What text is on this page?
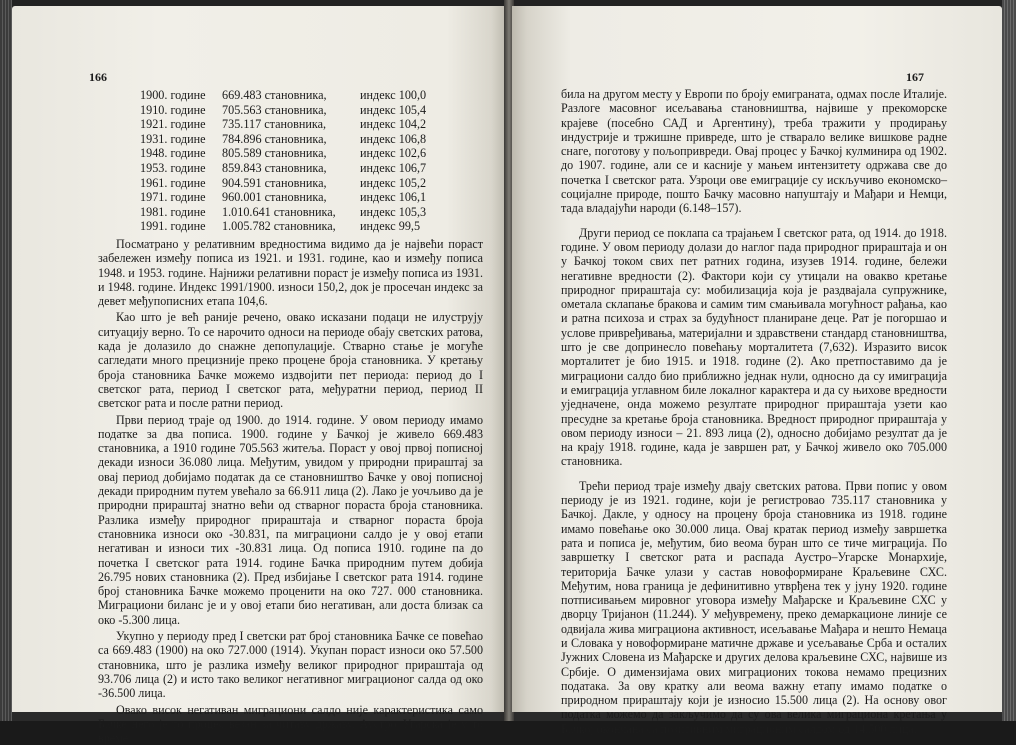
166
1900. године	669.483 становника,	индекс 100,0
1910. године	705.563 становника,	индекс 105,4
1921. године	735.117 становника,	индекс 104,2
1931. године	784.896 становника,	индекс 106,8
1948. године	805.589 становника,	индекс 102,6
1953. године	859.843 становника,	индекс 106,7
1961. године	904.591 становника,	индекс 105,2
1971. године	960.001 становника,	индекс 106,1
1981. године	1.010.641 становника,	индекс 105,3
1991. године	1.005.782 становника,	индекс 99,5

Посматрано у релативним вредностима видимо да је највећи пораст забележен између пописа из 1921. и 1931. године, као и између пописа 1948. и 1953. године. Најнижи релативни пораст је између пописа из 1931. и 1948. године. Индекс 1991/1900. износи 150,2, док је просечан индекс за девет међупописних етапа 104,6.

Као што је већ раније речено, овако исказани подаци не илуструју ситуацију верно. То се нарочито односи на периоде обају светских ратова, када је долазило до снажне депопулације. Стварно стање је могуће сагледати много прецизније преко процене броја становника. У кретању броја становника Бачке можемо издвојити пет периода: период до I светског рата, период I светског рата, међуратни период, период II светског рата и после ратни период.

Први период траје од 1900. до 1914. године. У овом периоду имамо податке за два пописа. 1900. године у Бачкој је живело 669.483 становника, а 1910 године 705.563 житеља. Пораст у овој првој пописној декади износи 36.080 лица. Међутим, увидом у природни прираштај за овај период добијамо податак да се становништво Бачке у овој пописној декади природним путем увећало за 66.911 лица (2). Лако је уочљиво да је природни прираштај знатно већи од стварног пораста броја становника. Разлика између природног прираштаја и стварног пораста броја становника износи око -30.831, па миграциони салдо је у овој етапи негативан и износи тих -30.831 лица. Од пописа 1910. године па до почетка I светског рата 1914. године Бачка природним путем добија 26.795 нових становника (2). Пред избијање I светског рата 1914. године број становника Бачке можемо проценити на око 727. 000 становника. Миграциони биланс је и у овој етапи био негативан, али доста близак са око -5.300 лица.

Укупно у периоду пред I светски рат број становника Бачке се повећао са 669.483 (1900) на око 727.000 (1914). Укупан пораст износи око 57.500 становника, што је разлика између великог природног прираштаја од 93.706 лица (2) и исто тако великог негативног миграционог салда од око -36.500 лица.

Овако висок негативан миграциони салдо није карактеристика само Бачке него је то процес везан за читаву државу. Аустро–Угарска је у то време

167

била на другом месту у Европи по броју емиграната, одмах после Италије. Разлоге масовног исељавања становништва, највише у прекоморске крајеве (посебно САД и Аргентину), треба тражити у продирању индустрије и тржишне привреде, што је стварало велике вишкове радне снаге, поготову у пољопривреди. Овај процес у Бачкој кулминира од 1902. до 1907. године, али се и касније у мањем интензитету одржава све до почетка I светског рата. Узроци ове емиграције су искључиво економско–социјалне природе, пошто Бачку масовно напуштају и Мађари и Немци, тада владајући народи (6.148–157).

Други период се поклапа са трајањем I светског рата, од 1914. до 1918. године. У овом периоду долази до наглог пада природног прираштаја и он у Бачкој током свих пет ратних година, изузев 1914. године, бележи негативне вредности (2). Фактори који су утицали на овакво кретање природног прираштаја су: мобилизација која је раздвајала супружнике, ометала склапање бракова и самим тим смањивала могућност рађања, као и ратна психоза и страх за будућност планиранe деце. Рат је погоршао и услове привређивања, материјални и здравствени стандард становништва, што је све допринесло повећању морталитета (7,632). Изразито висок морталитет је био 1915. и 1918. године (2). Ако претпоставимо да је миграциони салдо био приближно једнак нули, односно да су имиграција и емиграција углавном биле локалног карактера и да су њихове вредности уједначене, онда можемо резултате природног прираштаја узети као пресудне за кретање броја становника. Вредност природног прираштаја у овом периоду износи – 21. 893 лица (2), односно добијамо резултат да је на крају 1918. године, када је завршен рат, у Бачкој живело око 705.000 становника.

Трећи период траје између двају светских ратова. Први попис у овом периоду је из 1921. године, који је регистровао 735.117 становника у Бачкој. Дакле, у односу на процену броја становника из 1918. године имамо повећање око 30.000 лица. Овај кратак период између завршетка рата и пописа је, међутим, био веома буран што се тиче миграција. По завршетку I светског рата и распада Аустро–Угарске Монархије, територија Бачке улази у састав новоформиране Краљевине СХС. Међутим, нова граница је дефинитивно утврђена тек у јуну 1920. године потписивањем мировног уговора између Мађарске и Краљевине СХС у дворцу Тријанон (11.244). У међувремену, преко демаркационе линије се одвијала жива миграциона активност, исељавање Мађара и нешто Немаца и Словака у новоформиране матичне државе и усељавање Срба и осталих Јужних Словена из Мађарске и других делова краљевине СХС, највише из Србије. О димензијама ових миграционих токова немамо прецизних података. За ову кратку али веома важну етапу имамо податке о природном прираштају који је износио 15.500 лица (2). На основу овог податка можемо да закључимо да су ова велика миграциона кретања у Бачкој окончана са позитивним миграционим салдом од 14.500 лица.
